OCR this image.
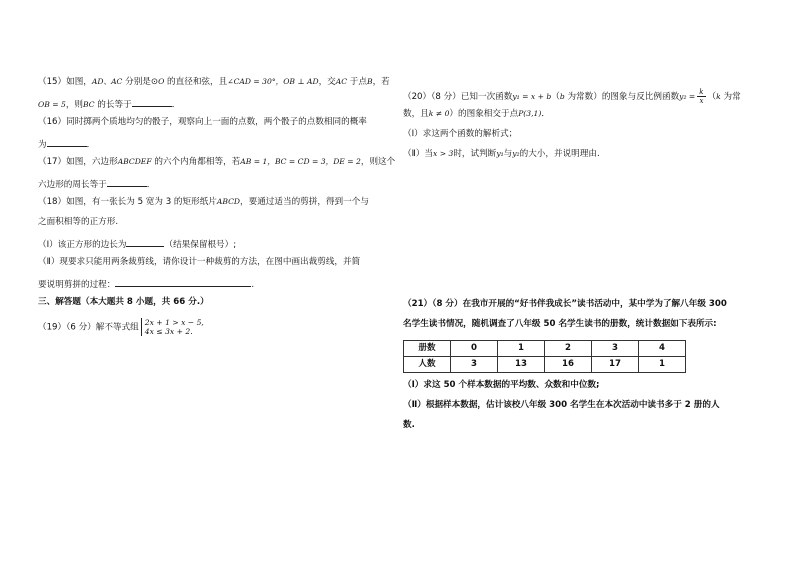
（15）如图，AD、AC 分别是⊙O 的直径和弦，且∠CAD = 30°，OB ⊥ AD，交AC 于点B，若
OB = 5，则BC 的长等于	．
（16）同时掷两个质地均匀的骰子，观察向上一面的点数，两个骰子的点数相同的概率
为	．
（17）如图，六边形ABCDEF 的六个内角都相等，若AB = 1，BC = CD = 3，DE = 2，则这个
六边形的周长等于	．
（18）如图，有一张长为 5 宽为 3 的矩形纸片ABCD，要通过适当的剪拼，得到一个与
之面积相等的正方形.
（Ⅰ）该正方形的边长为	（结果保留根号）;
（Ⅱ）现要求只能用两条裁剪线，请你设计一种裁剪的方法，在图中画出裁剪线，并简
要说明剪拼的过程：	.
三、解答题（本大题共 8 小题，共 66 分.）
（19）（6 分）解不等式组 2x + 1 > x − 5,
4x ≤ 3x + 2.
（20）（8 分）已知一次函数y₁ = x + b（b 为常数）的图象与反比例函数$y_2 = \frac{k}{x} (k$ 为常
数，且k ≠ 0）的图象相交于点P(3,1)．
（Ⅰ）求这两个函数的解析式；
（Ⅱ）当x > 3时，试判断y₁与y₂的大小，并说明理由.
（21）（8 分）在我市开展的“好书伴我成长”读书活动中，某中学为了解八年级 300
名学生读书情况，随机调查了八年级 50 名学生读书的册数，统计数据如下表所示:
册数	0	1	2	3	4
人数	3	13	16	17	1
（Ⅰ）求这 50 个样本数据的平均数、众数和中位数;
（Ⅱ）根据样本数据，估计该校八年级 300 名学生在本次活动中读书多于 2 册的人
数.
